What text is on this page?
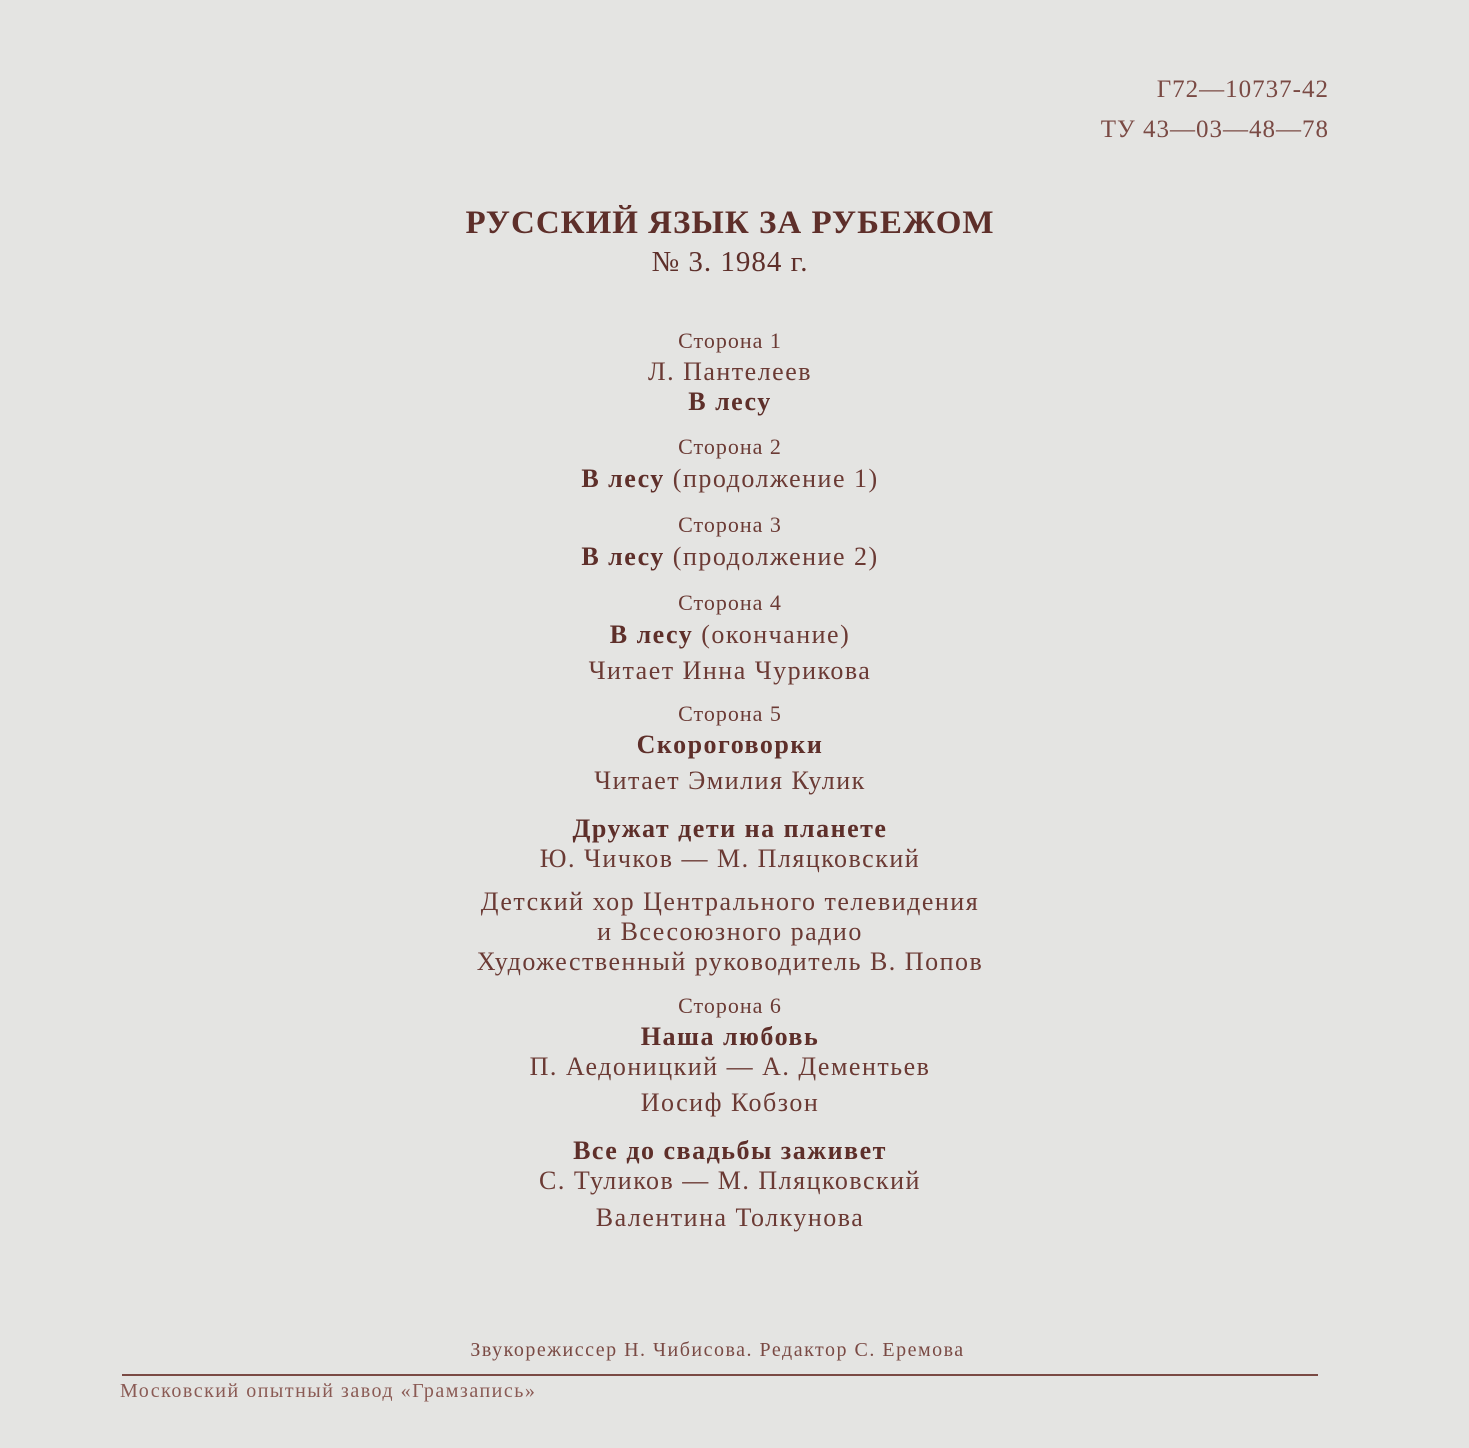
Г72—10737-42
ТУ 43—03—48—78
РУССКИЙ ЯЗЫК ЗА РУБЕЖОМ
№ 3. 1984 г.
Сторона 1
Л. Пантелеев
В лесу
Сторона 2
В лесу (продолжение 1)
Сторона 3
В лесу (продолжение 2)
Сторона 4
В лесу (окончание)
Читает Инна Чурикова
Сторона 5
Скороговорки
Читает Эмилия Кулик
Дружат дети на планете
Ю. Чичков — М. Пляцковский
Детский хор Центрального телевидения
и Всесоюзного радио
Художественный руководитель В. Попов
Сторона 6
Наша любовь
П. Аедоницкий — А. Дементьев
Иосиф Кобзон
Все до свадьбы заживет
С. Туликов — М. Пляцковский
Валентина Толкунова
Звукорежиссер Н. Чибисова. Редактор С. Еремова
Московский опытный завод «Грамзапись»
